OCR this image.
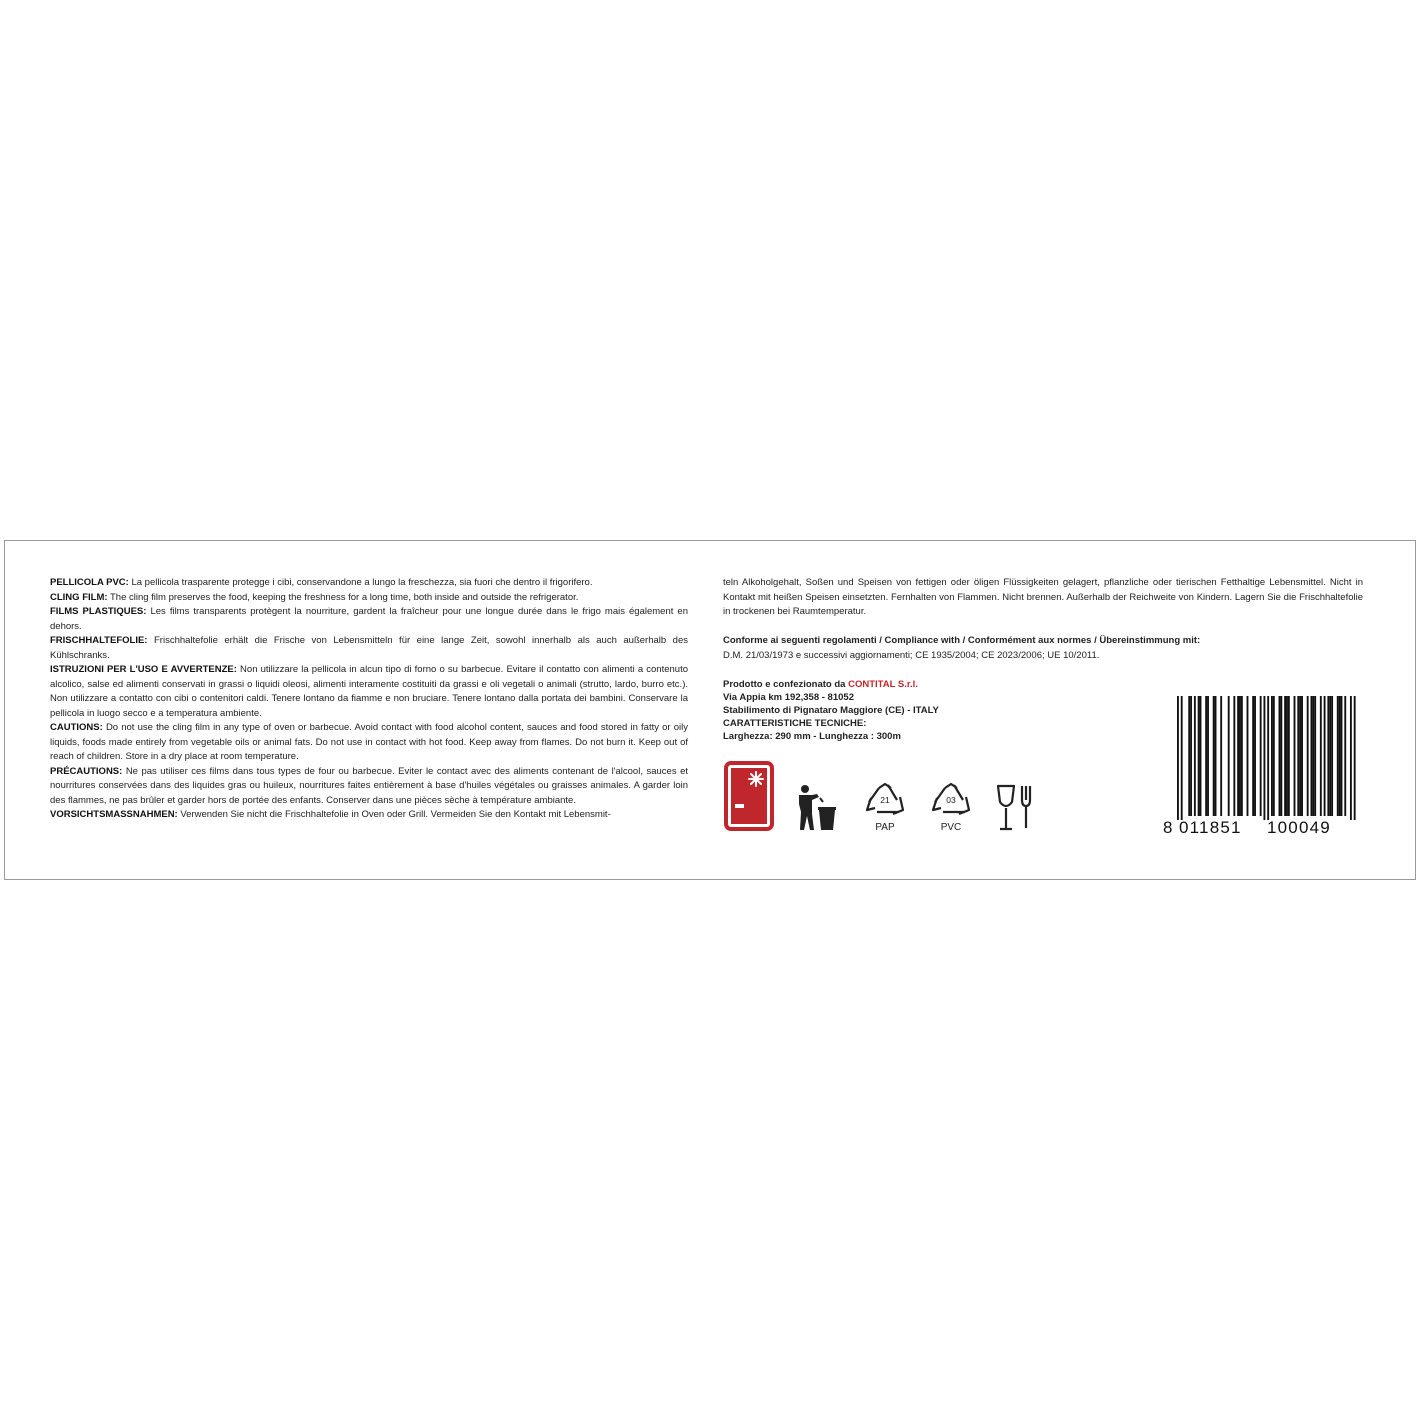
PELLICOLA PVC: La pellicola trasparente protegge i cibi, conservandone a lungo la freschezza, sia fuori che dentro il frigorifero.

CLING FILM: The cling film preserves the food, keeping the freshness for a long time, both inside and outside the refrigerator.

FILMS PLASTIQUES: Les films transparents protègent la nourriture, gardent la fraîcheur pour une longue durée dans le frigo mais également en dehors.

FRISCHHALTEFOLIE: Frischhaltefolie erhält die Frische von Lebensmitteln für eine lange Zeit, sowohl innerhalb als auch außerhalb des Kühlschranks.

ISTRUZIONI PER L'USO E AVVERTENZE: Non utilizzare la pellicola in alcun tipo di forno o su barbecue. Evitare il contatto con alimenti a contenuto alcolico, salse ed alimenti conservati in grassi o liquidi oleosi, alimenti interamente costituiti da grassi e oli vegetali o animali (strutto, lardo, burro etc.). Non utilizzare a contatto con cibi o contenitori caldi. Tenere lontano da fiamme e non bruciare. Tenere lontano dalla portata dei bambini. Conservare la pellicola in luogo secco e a temperatura ambiente.

CAUTIONS: Do not use the cling film in any type of oven or barbecue. Avoid contact with food alcohol content, sauces and food stored in fatty or oily liquids, foods made entirely from vegetable oils or animal fats. Do not use in contact with hot food. Keep away from flames. Do not burn it. Keep out of reach of children. Store in a dry place at room temperature.

PRÉCAUTIONS: Ne pas utiliser ces films dans tous types de four ou barbecue. Eviter le contact avec des aliments contenant de l'alcool, sauces et nourritures conservées dans des liquides gras ou huileux, nourritures faites entièrement à base d'huiles végétales ou graisses animales. A garder loin des flammes, ne pas brûler et garder hors de portée des enfants. Conserver dans une pièces sèche à température ambiante.

VORSICHTSMASSNAHMEN: Verwenden Sie nicht die Frischhaltefolie in Oven oder Grill. Vermeiden Sie den Kontakt mit Lebensmit-

teln Alkoholgehalt, Soßen und Speisen von fettigen oder öligen Flüssigkeiten gelagert, pflanzliche oder tierischen Fetthaltige Lebensmittel. Nicht in Kontakt mit heißen Speisen einsetzten. Fernhalten von Flammen. Nicht brennen. Außerhalb der Reichweite von Kindern. Lagern Sie die Frischhaltefolie in trockenen bei Raumtemperatur.

Conforme ai seguenti regolamenti / Compliance with / Conformément aux normes / Übereinstimmung mit:

D.M. 21/03/1973 e successivi aggiornamenti; CE 1935/2004; CE 2023/2006; UE 10/2011.

Prodotto e confezionato da CONTITAL S.r.l.
Via Appia km 192,358 - 81052
Stabilimento di Pignataro Maggiore (CE) - ITALY
CARATTERISTICHE TECNICHE:
Larghezza: 290 mm - Lunghezza : 300m
21
PAP
03
PVC	8 011851 100049
